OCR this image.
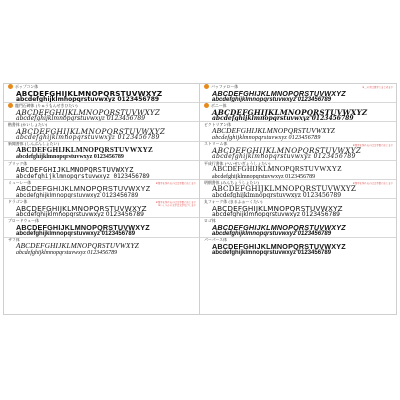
ポップコン体
ABCDEFGHIJKLMNOPQRSTUVWXYZ
abcdefghijklmnopqrstuvwxyz 0123456789
龍門石碑体 (りゅうもんせきひたい)
ABCDEFGHIJKLMNOPQRSTUVWXYZ
abcdefghijklmnopqrstuvwxyz 0123456789
楷書体 (かいしょたい)
ABCDEFGHIJKLMNOPQRSTUVWXYZ
abcdefghijklmnopqrstuvwxyz 0123456789
新聞書体 (しんぶんしょたい)
ABCDEFGHIJKLMNOPQRSTUVWXYZ
abcdefghijklmnopqrstuvwxyz 0123456789
ブリック体
ABCDEFGHIJKLMNOPQRSTUVWXYZ
abcdefghijklmnopqrstuvwxyz 0123456789
ミューレー体	※漢字を作れるのは文字数に応じます
ABCDEFGHIJKLMNOPQRSTUVWXYZ
abcdefghijklmnopqrstuvwxyz 0123456789
ドラゴン体	※漢字を作れるのは文字数に応じます
※いくつかの文字は文字化けします
ABCDEFGHIJKLMNOPQRSTUVWXYZ
abcdefghijklmnopqrstuvwxyz 0123456789
ブロードウェー体
ABCDEFGHIJKLMNOPQRSTUVWXYZ
abcdefghijklmnopqrstuvwxyz 0123456789
ザフ体
ABCDEFGHIJKLMNOPQRSTUVWXYZ
abcdefghijklmnopqrstuvwxyz 0123456789
バッファロー体	※二の字は漢字でまとめます
ABCDEFGHIJKLMNOPQRSTUVWXYZ
abcdefghijklmnopqrstuvwxyz 0123456789
ボニー体
ABCDEFGHIJKLMNOPQRSTUVWXYZ
abcdefghijklmnopqrstuvwxyz 0123456789
ピクトリアン体
ABCDEFGHIJKLMNOPQRSTUVWXYZ
abcdefghijklmnopqrstuvwxyz 0123456789
ストリーム体	※漢字を作れるのは文字数に応じます
ABCDEFGHIJKLMNOPQRSTUVWXYZ
abcdefghijklmnopqrstuvwxyz 0123456789
平成行書体 (へいせいぎょうしょたい)
ABCDEFGHIJKLMNOPQRSTUVWXYZ
abcdefghijklmnopqrstuvwxyz 0123456789
明朝書体 (みんちょうしょたい)	※漢字を作れるのは文字数に応じます
ABCDEFGHIJKLMNOPQRSTUVWXYZ
abcdefghijklmnopqrstuvwxyz 0123456789
丸フォーク体 (まるふぉーくたい)
ABCDEFGHIJKLMNOPQRSTUVWXYZ
abcdefghijklmnopqrstuvwxyz 0123456789
ロゴ体
ABCDEFGHIJKLMNOPQRSTUVWXYZ
abcdefghijklmnopqrstuvwxyz 0123456789
パーパース体
ABCDEFGHIJKLMNOPQRSTUVWXYZ
abcdefghijklmnopqrstuvwxyz 0123456789
